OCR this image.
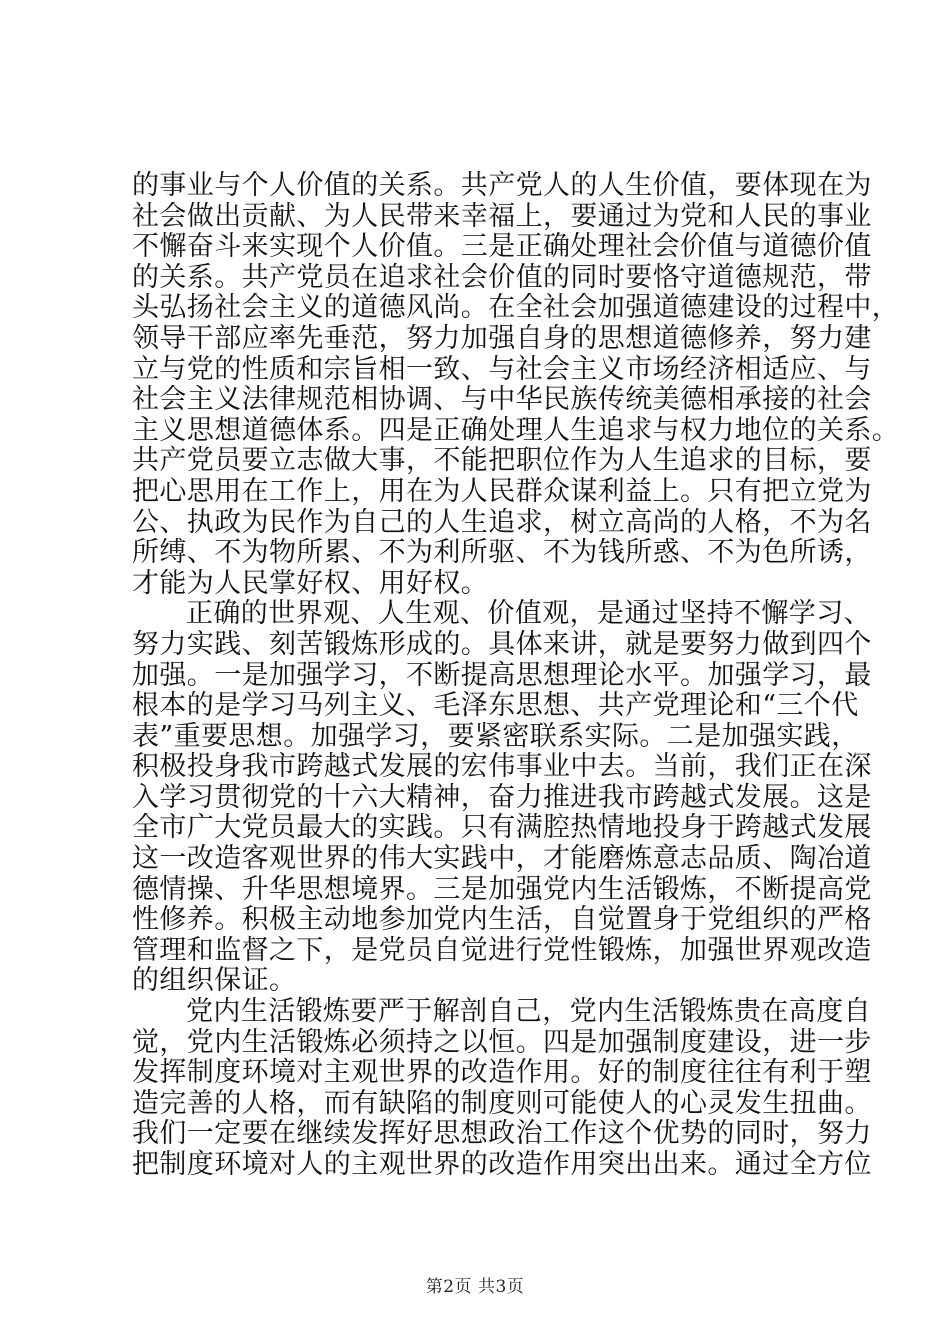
的事业与个人价值的关系。共产党人的人生价值，要体现在为
社会做出贡献、为人民带来幸福上，要通过为党和人民的事业
不懈奋斗来实现个人价值。三是正确处理社会价值与道德价值
的关系。共产党员在追求社会价值的同时要恪守道德规范，带
头弘扬社会主义的道德风尚。在全社会加强道德建设的过程中，
领导干部应率先垂范，努力加强自身的思想道德修养，努力建
立与党的性质和宗旨相一致、与社会主义市场经济相适应、与
社会主义法律规范相协调、与中华民族传统美德相承接的社会
主义思想道德体系。四是正确处理人生追求与权力地位的关系。
共产党员要立志做大事，不能把职位作为人生追求的目标，要
把心思用在工作上，用在为人民群众谋利益上。只有把立党为
公、执政为民作为自己的人生追求，树立高尚的人格，不为名
所缚、不为物所累、不为利所驱、不为钱所惑、不为色所诱，
才能为人民掌好权、用好权。
正确的世界观、人生观、价值观，是通过坚持不懈学习、
努力实践、刻苦锻炼形成的。具体来讲，就是要努力做到四个
加强。一是加强学习，不断提高思想理论水平。加强学习，最
根本的是学习马列主义、毛泽东思想、共产党理论和“三个代
表”重要思想。加强学习，要紧密联系实际。二是加强实践，
积极投身我市跨越式发展的宏伟事业中去。当前，我们正在深
入学习贯彻党的十六大精神，奋力推进我市跨越式发展。这是
全市广大党员最大的实践。只有满腔热情地投身于跨越式发展
这一改造客观世界的伟大实践中，才能磨炼意志品质、陶冶道
德情操、升华思想境界。三是加强党内生活锻炼，不断提高党
性修养。积极主动地参加党内生活，自觉置身于党组织的严格
管理和监督之下，是党员自觉进行党性锻炼，加强世界观改造
的组织保证。
党内生活锻炼要严于解剖自己，党内生活锻炼贵在高度自
觉，党内生活锻炼必须持之以恒。四是加强制度建设，进一步
发挥制度环境对主观世界的改造作用。好的制度往往有利于塑
造完善的人格，而有缺陷的制度则可能使人的心灵发生扭曲。
我们一定要在继续发挥好思想政治工作这个优势的同时，努力
把制度环境对人的主观世界的改造作用突出出来。通过全方位
第2页 共3页
